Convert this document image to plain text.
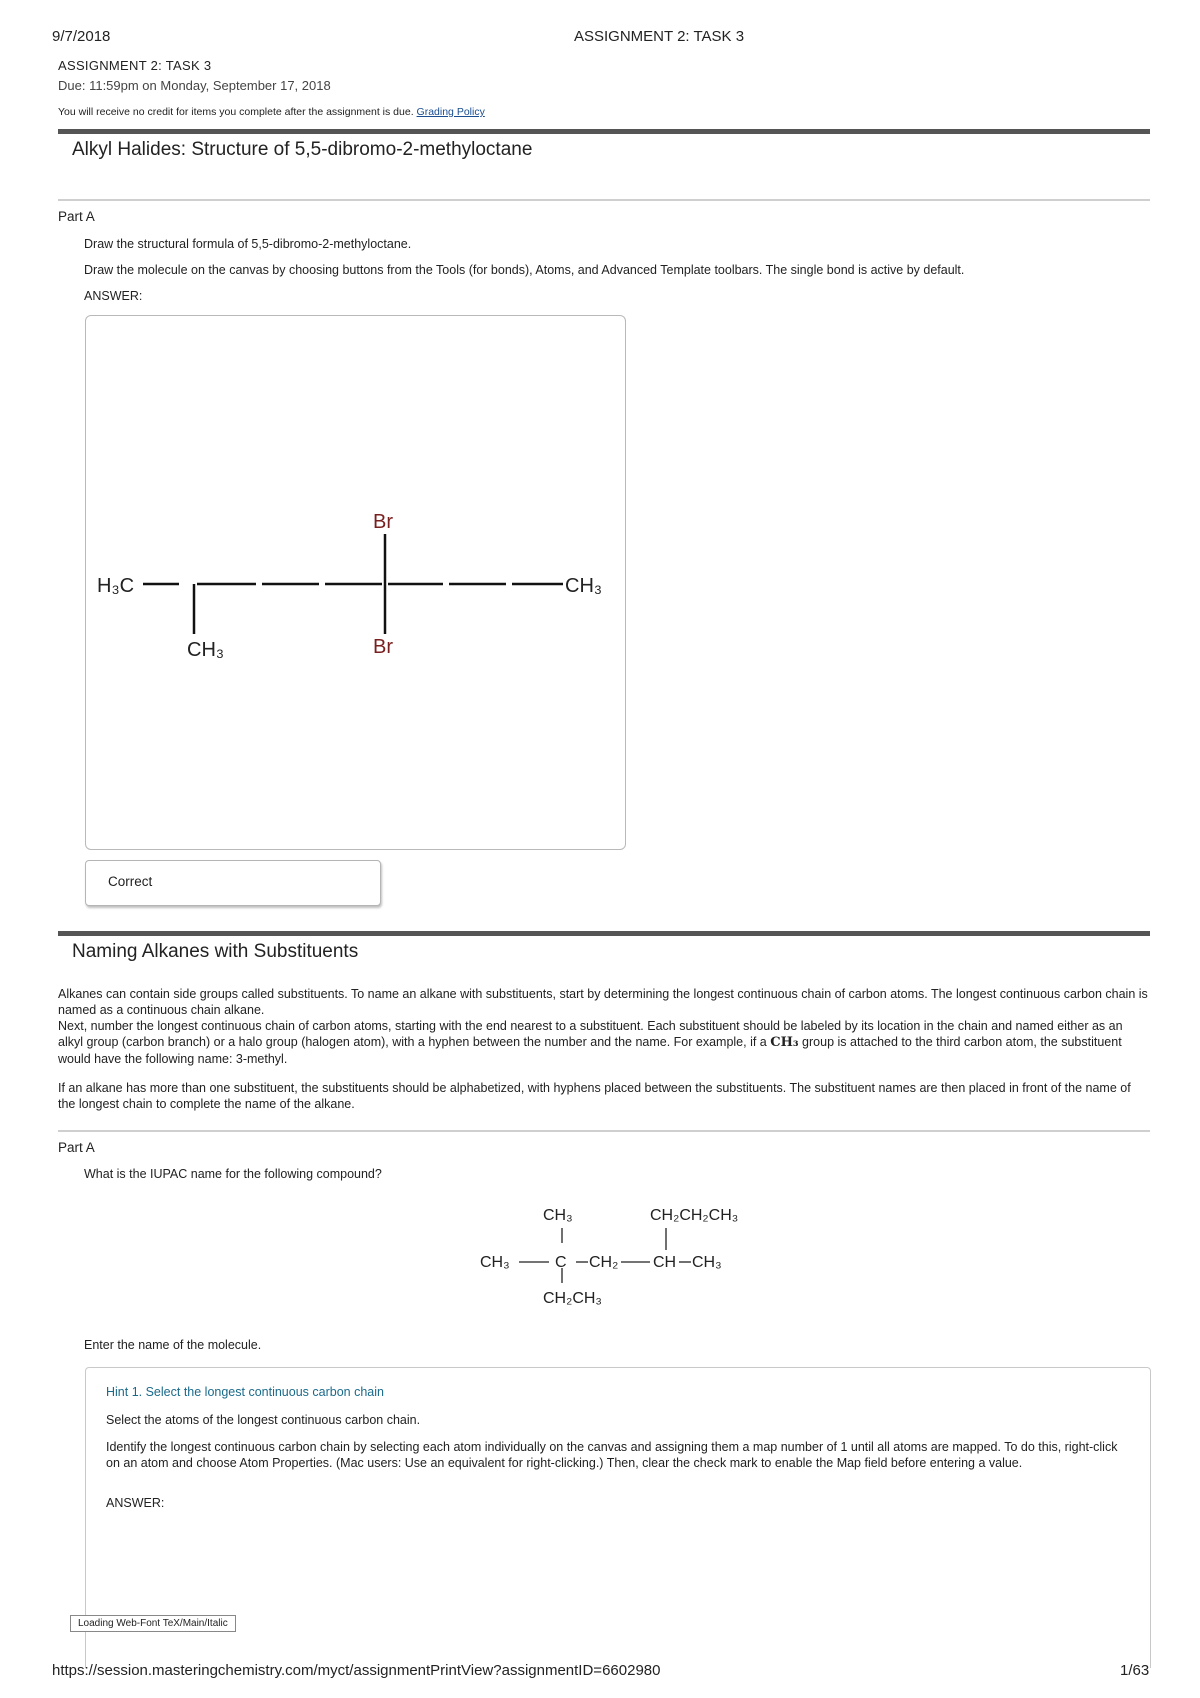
9/7/2018	ASSIGNMENT 2: TASK 3
ASSIGNMENT 2: TASK 3
Due: 11:59pm on Monday, September 17, 2018
You will receive no credit for items you complete after the assignment is due. Grading Policy
Alkyl Halides: Structure of 5,5-dibromo-2-methyloctane
Part A
Draw the structural formula of 5,5-dibromo-2-methyloctane.
Draw the molecule on the canvas by choosing buttons from the Tools (for bonds), Atoms, and Advanced Template toolbars. The single bond is active by default.
ANSWER:
H₃C	CH₃
CH₃
Br
Br
Correct
Naming Alkanes with Substituents
Alkanes can contain side groups called substituents. To name an alkane with substituents, start by determining the longest continuous chain of carbon atoms. The longest continuous carbon chain is named as a continuous chain alkane.
Next, number the longest continuous chain of carbon atoms, starting with the end nearest to a substituent. Each substituent should be labeled by its location in the chain and named either as an alkyl group (carbon branch) or a halo group (halogen atom), with a hyphen between the number and the name. For example, if a CH₃ group is attached to the third carbon atom, the substituent would have the following name: 3-methyl.
If an alkane has more than one substituent, the substituents should be alphabetized, with hyphens placed between the substituents. The substituent names are then placed in front of the name of the longest chain to complete the name of the alkane.
Part A
What is the IUPAC name for the following compound?
CH₃	CH₂CH₂CH₃
CH₃	C CH₂ CH CH₃
CH₂CH₃
Enter the name of the molecule.
Hint 1. Select the longest continuous carbon chain
Select the atoms of the longest continuous carbon chain.
Identify the longest continuous carbon chain by selecting each atom individually on the canvas and assigning them a map number of 1 until all atoms are mapped. To do this, right-click on an atom and choose Atom Properties. (Mac users: Use an equivalent for right-clicking.) Then, clear the check mark to enable the Map field before entering a value.
ANSWER:
Loading Web-Font TeX/Main/Italic
https://session.masteringchemistry.com/myct/assignmentPrintView?assignmentID=6602980	1/63
